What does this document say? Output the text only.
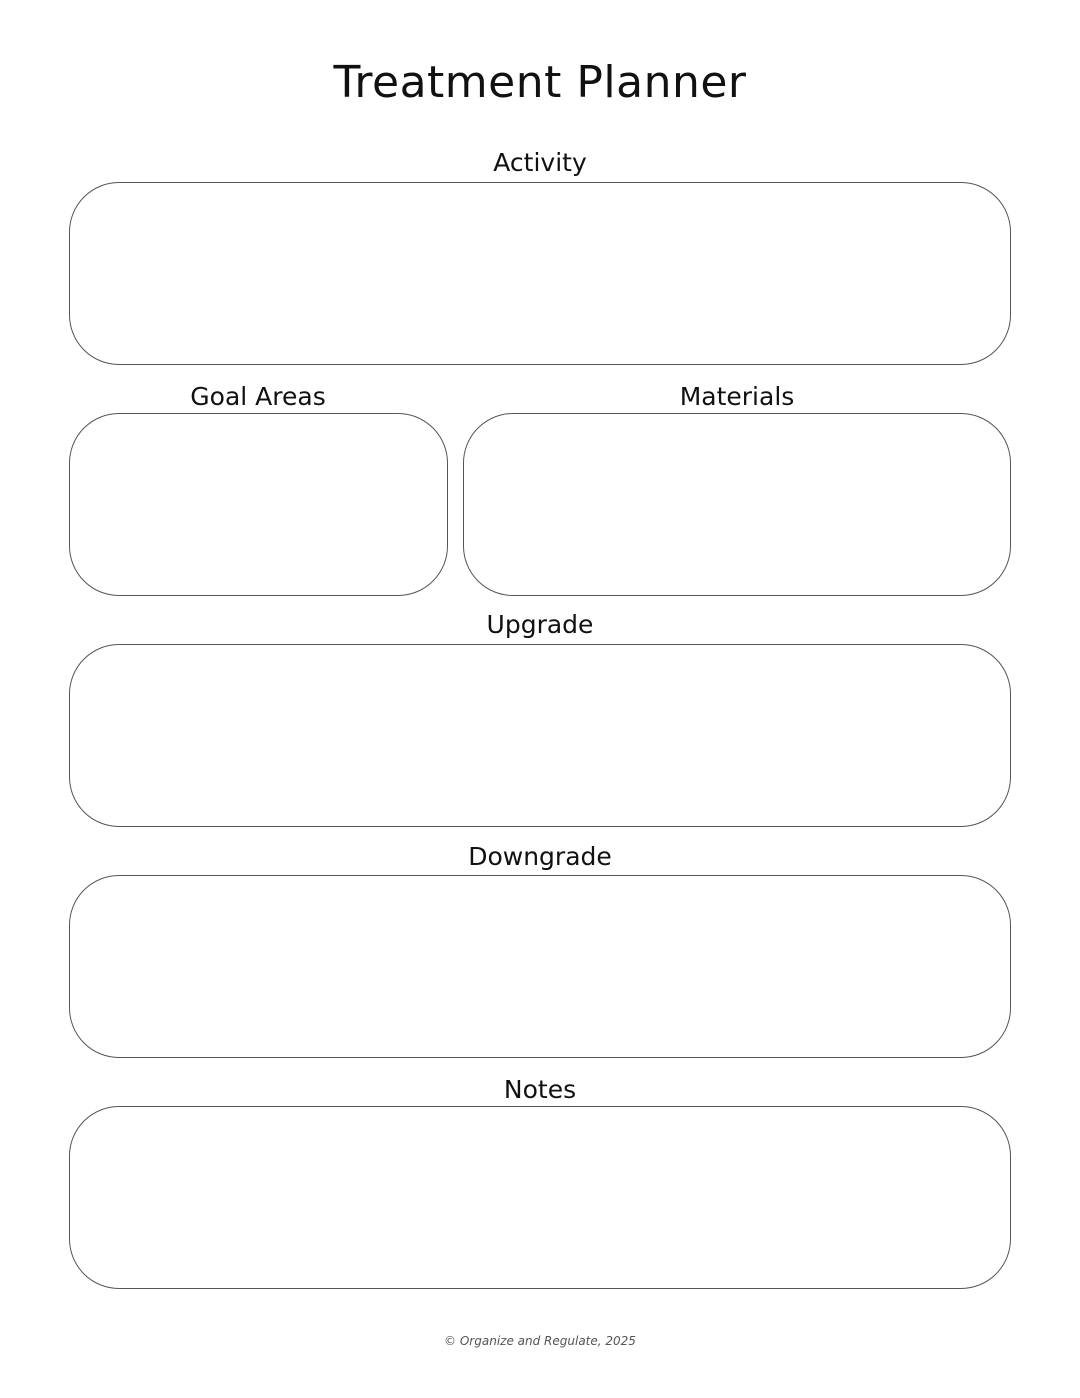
Treatment Planner
Activity
Goal Areas	Materials
Upgrade
Downgrade
Notes
© Organize and Regulate, 2025
